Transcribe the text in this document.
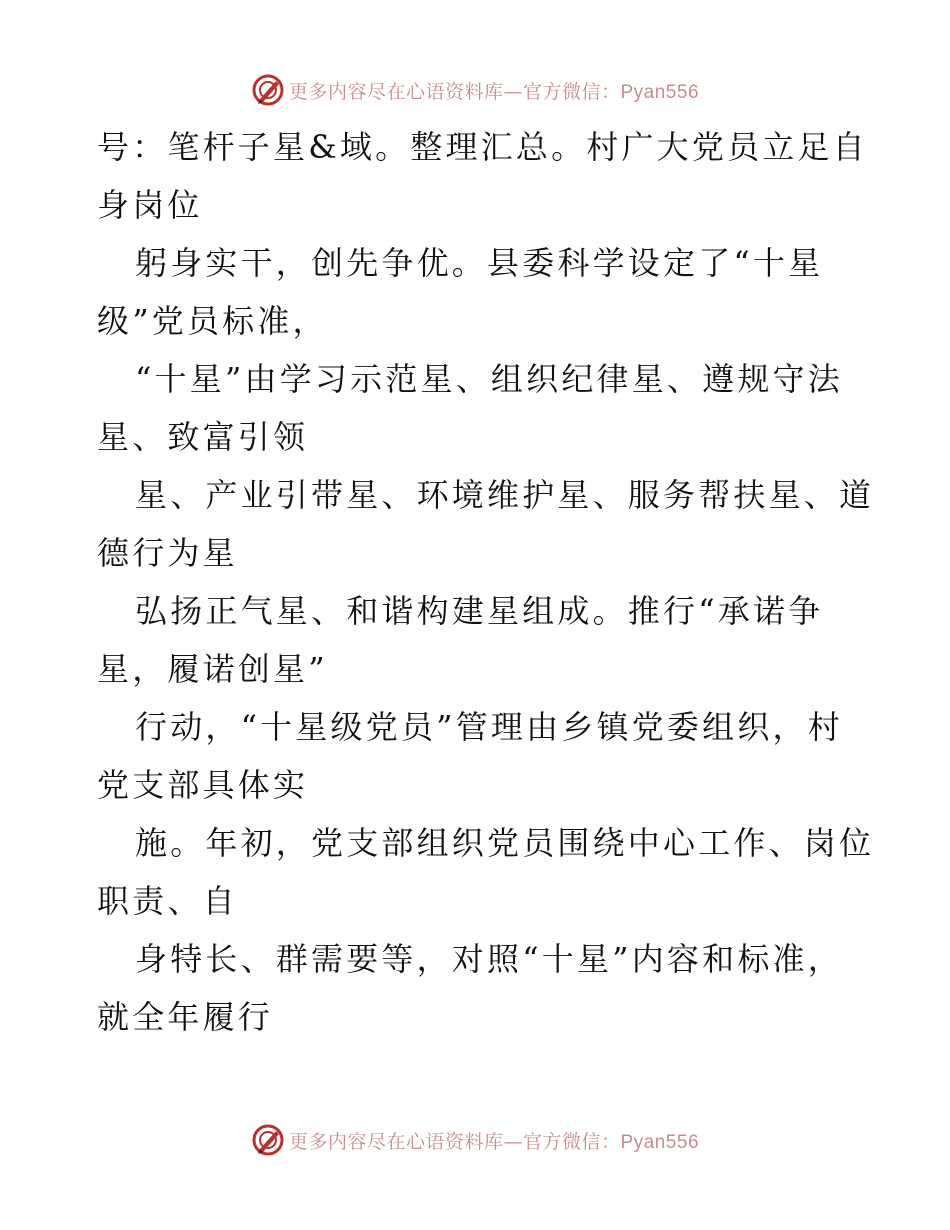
更多内容尽在心语资料库—官方微信：Pyan556
号：笔杆子星&域。整理汇总。村广大党员立足自
身岗位
躬身实干，创先争优。县委科学设定了“十星
级”党员标准，
“十星”由学习示范星、组织纪律星、遵规守法
星、致富引领
星、产业引带星、环境维护星、服务帮扶星、道
德行为星
弘扬正气星、和谐构建星组成。推行“承诺争
星，履诺创星”
行动，“十星级党员”管理由乡镇党委组织，村
党支部具体实
施。年初，党支部组织党员围绕中心工作、岗位
职责、自
身特长、群需要等，对照“十星”内容和标准，
就全年履行
更多内容尽在心语资料库—官方微信：Pyan556
